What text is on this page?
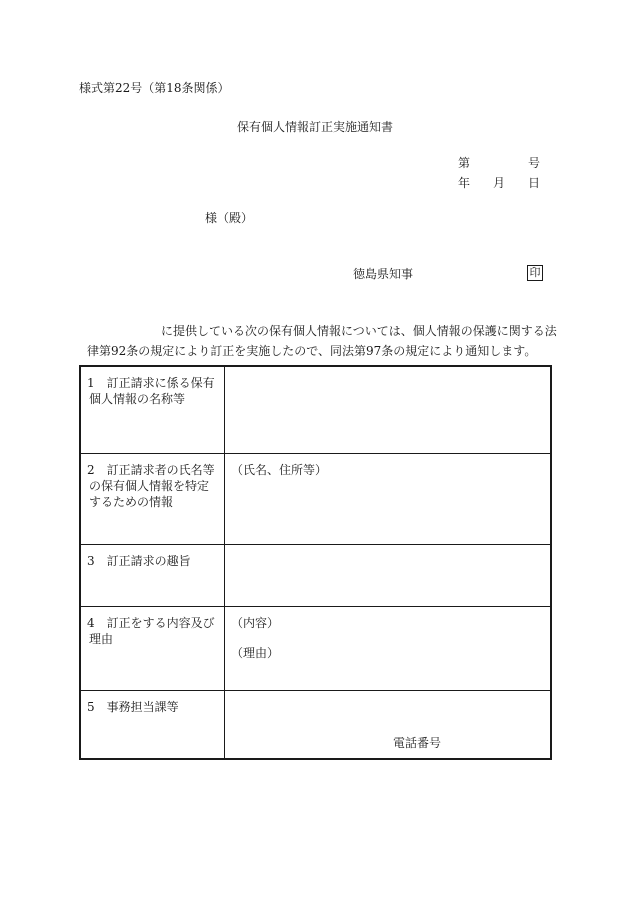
様式第22号（第18条関係）
保有個人情報訂正実施通知書
第	号
年 月 日
様（殿）
徳島県知事	印
に提供している次の保有個人情報については、個人情報の保護に関する法
律第92条の規定により訂正を実施したので、同法第97条の規定により通知します。
1　訂正請求に係る保有
個人情報の名称等	

2　訂正請求者の氏名等
の保有個人情報を特定
するための情報	（氏名、住所等）

3　訂正請求の趣旨	

4　訂正をする内容及び
理由	（内容）
（理由）

5　事務担当課等	電話番号
